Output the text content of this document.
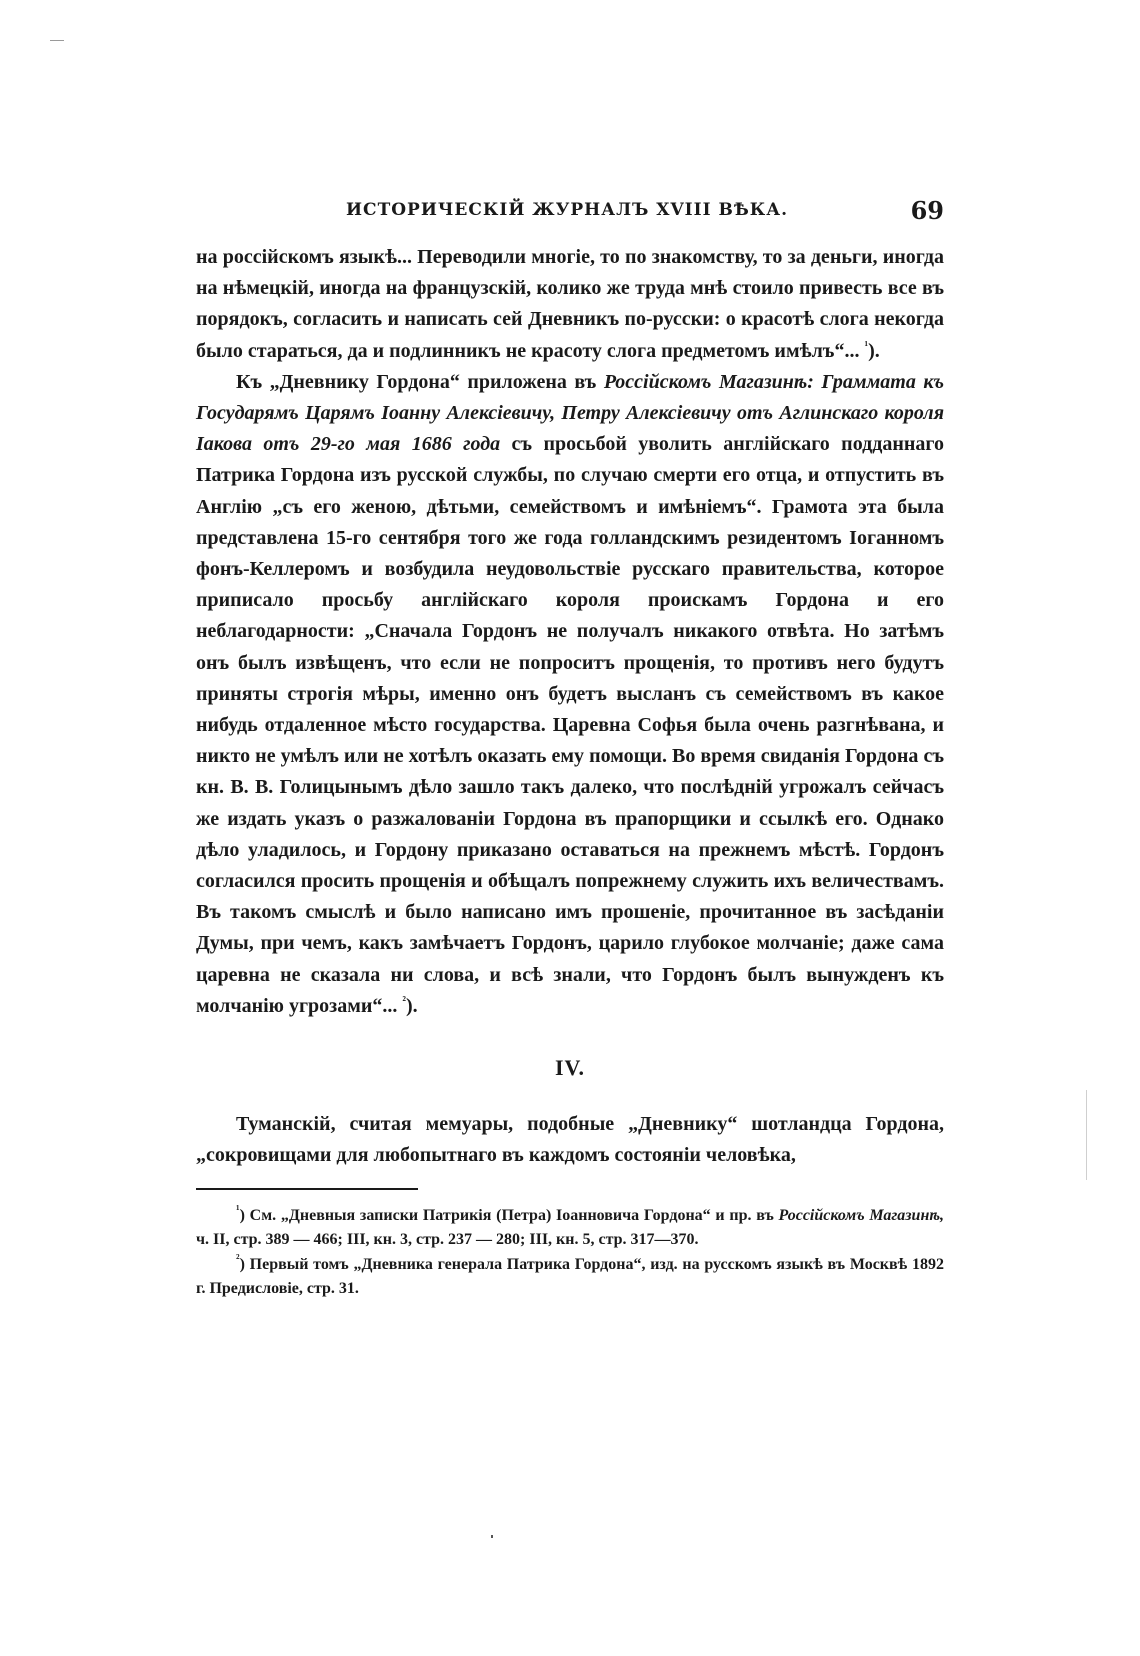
ИСТОРИЧЕСКІЙ ЖУРНАЛЪ XVIII ВѢКА.	69

на россійскомъ языкѣ... Переводили многіе, то по знакомству, то за деньги, иногда на нѣмецкій, иногда на французскій, колико же труда мнѣ стоило привесть все въ порядокъ, согласить и написать сей Дневникъ по-русски: о красотѣ слога некогда было стараться, да и подлинникъ не красоту слога предметомъ имѣлъ“... $^{^1}$).

Къ „Дневнику Гордона“ приложена въ Россійскомъ Магазинѣ: Граммата къ Государямъ Царямъ Іоанну Алексіевичу, Петру Алексіевичу отъ Аглинскаго короля Іакова отъ 29-го мая 1686 года съ просьбой уволить англійскаго подданнаго Патрика Гордона изъ русской службы, по случаю смерти его отца, и отпустить въ Англію „съ его женою, дѣтьми, семействомъ и имѣніемъ“. Грамота эта была представлена 15-го сентября того же года голландскимъ резидентомъ Іоганномъ фонъ-Келлеромъ и возбудила неудовольствіе русскаго правительства, которое приписало просьбу англійскаго короля проискамъ Гордона и его неблагодарности: „Сначала Гордонъ не получалъ никакого отвѣта. Но затѣмъ онъ былъ извѣщенъ, что если не попроситъ прощенія, то противъ него будутъ приняты строгія мѣры, именно онъ будетъ высланъ съ семействомъ въ какое нибудь отдаленное мѣсто государства. Царевна Софья была очень разгнѣвана, и никто не умѣлъ или не хотѣлъ оказать ему помощи. Во время свиданія Гордона съ кн. В. В. Голицынымъ дѣло зашло такъ далеко, что послѣдній угрожалъ сейчасъ же издать указъ о разжалованіи Гордона въ прапорщики и ссылкѣ его. Однако дѣло уладилось, и Гордону приказано оставаться на прежнемъ мѣстѣ. Гордонъ согласился просить прощенія и обѣщалъ попрежнему служить ихъ величествамъ. Въ такомъ смыслѣ и было написано имъ прошеніе, прочитанное въ засѣданіи Думы, при чемъ, какъ замѣчаетъ Гордонъ, царило глубокое молчаніе; даже сама царевна не сказала ни слова, и всѣ знали, что Гордонъ былъ вынужденъ къ молчанію угрозами“... $^{^2}$).

IV.

Туманскій, считая мемуары, подобные „Дневнику“ шотландца Гордона, „сокровищами для любопытнаго въ каждомъ состояніи человѣка,

$^{^1}$) См. „Дневныя записки Патрикія (Петра) Іоанновича Гордона“ и пр. въ Россійскомъ Магазинѣ, ч. II, стр. 389 — 466; III, кн. 3, стр. 237 — 280; III, кн. 5, стр. 317—370.

$^{^2}$) Первый томъ „Дневника генерала Патрика Гордона“, изд. на русскомъ языкѣ въ Москвѣ 1892 г. Предисловіе, стр. 31.
